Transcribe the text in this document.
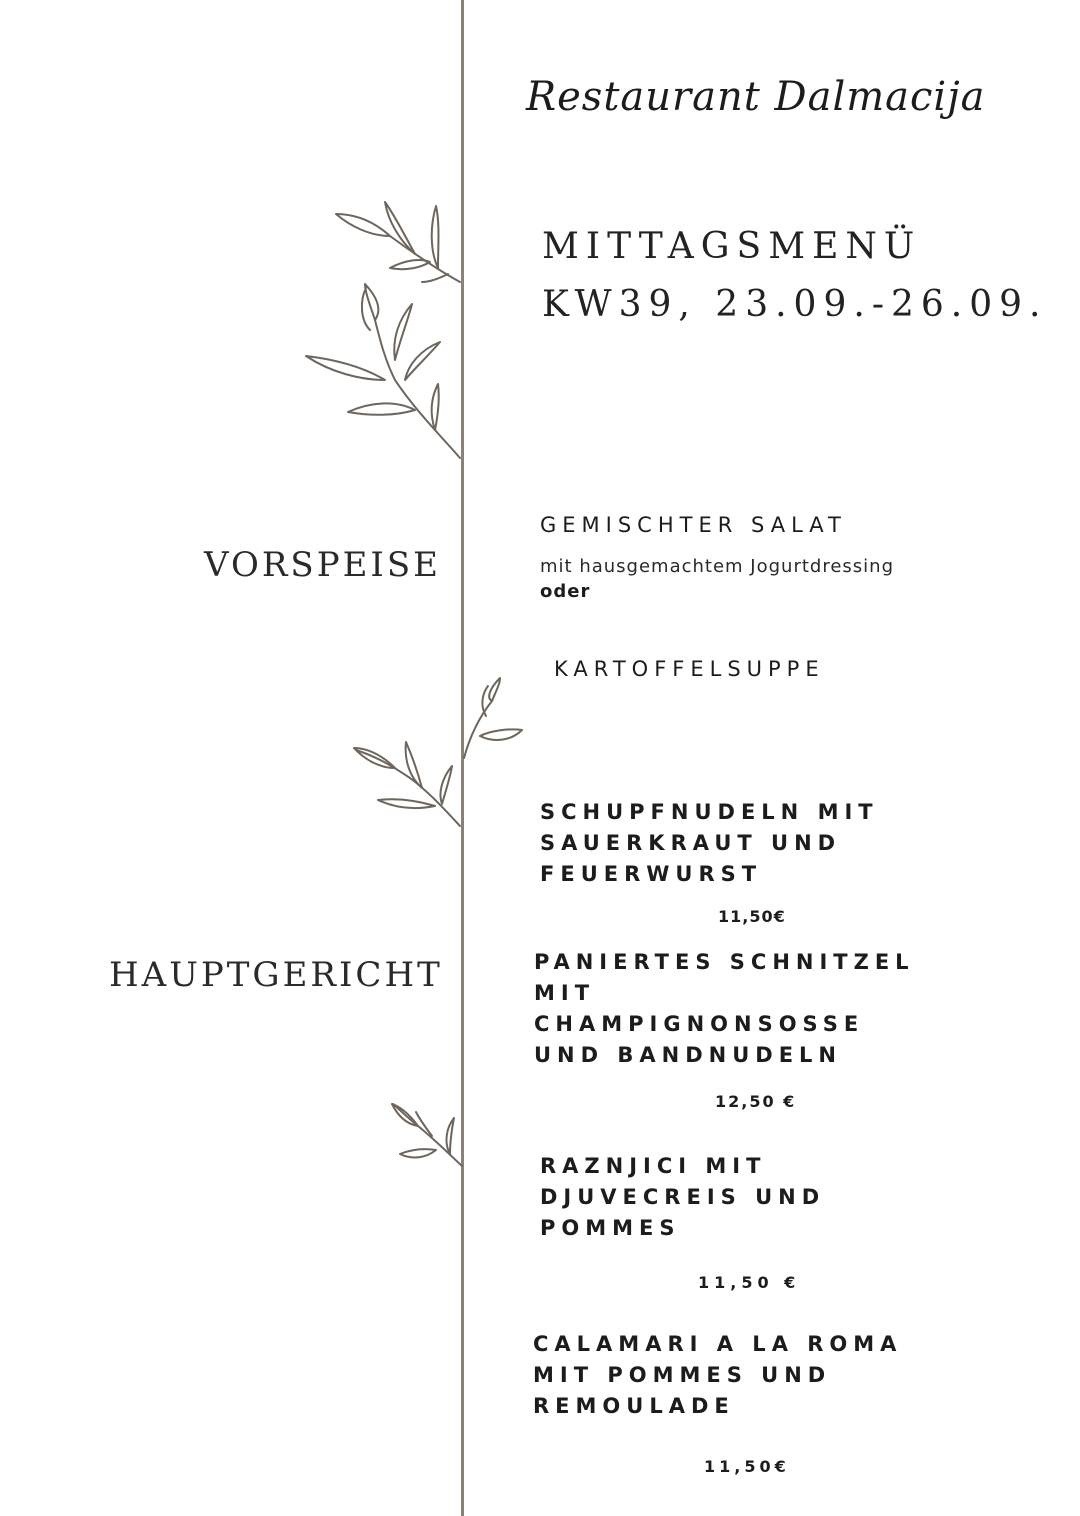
Restaurant Dalmacija
MITTAGSMENÜ
KW39, 23.09.-26.09.
VORSPEISE
HAUPTGERICHT
GEMISCHTER SALAT
mit hausgemachtem Jogurtdressing
oder
KARTOFFELSUPPE
SCHUPFNUDELN MIT
SAUERKRAUT UND
FEUERWURST
11,50€
PANIERTES SCHNITZEL
MIT
CHAMPIGNONSOSSE
UND BANDNUDELN
12,50 €
RAZNJICI MIT
DJUVECREIS UND
POMMES
11,50 €
CALAMARI A LA ROMA
MIT POMMES UND
REMOULADE
11,50€
